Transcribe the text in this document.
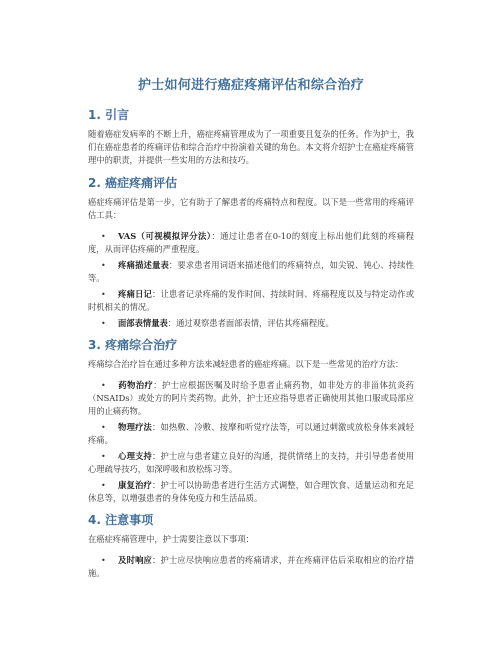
护士如何进行癌症疼痛评估和综合治疗
1. 引言

随着癌症发病率的不断上升，癌症疼痛管理成为了一项重要且复杂的任务。作为护士，我们在癌症患者的疼痛评估和综合治疗中扮演着关键的角色。本文将介绍护士在癌症疼痛管理中的职责，并提供一些实用的方法和技巧。

2. 癌症疼痛评估

癌症疼痛评估是第一步，它有助于了解患者的疼痛特点和程度。以下是一些常用的疼痛评估工具：

• VAS（可视模拟评分法）：通过让患者在0-10的刻度上标出他们此刻的疼痛程度，从而评估疼痛的严重程度。
• 疼痛描述量表：要求患者用词语来描述他们的疼痛特点，如尖锐、钝心、持续性等。
• 疼痛日记：让患者记录疼痛的发作时间、持续时间、疼痛程度以及与特定动作或时机相关的情况。
• 面部表情量表：通过观察患者面部表情，评估其疼痛程度。
3. 疼痛综合治疗

疼痛综合治疗旨在通过多种方法来减轻患者的癌症疼痛。以下是一些常见的治疗方法：

• 药物治疗：护士应根据医嘱及时给予患者止痛药物，如非处方的非甾体抗炎药（NSAIDs）或处方的阿片类药物。此外，护士还应指导患者正确使用其他口服或局部应用的止痛药物。
• 物理疗法：如热敷、冷敷、按摩和听觉疗法等，可以通过刺激或放松身体来减轻疼痛。
• 心理支持：护士应与患者建立良好的沟通，提供情绪上的支持，并引导患者使用心理疏导技巧，如深呼吸和放松练习等。
• 康复治疗：护士可以协助患者进行生活方式调整，如合理饮食、适量运动和充足休息等，以增强患者的身体免疫力和生活品质。
4. 注意事项

在癌症疼痛管理中，护士需要注意以下事项：

• 及时响应：护士应尽快响应患者的疼痛请求，并在疼痛评估后采取相应的治疗措施。
